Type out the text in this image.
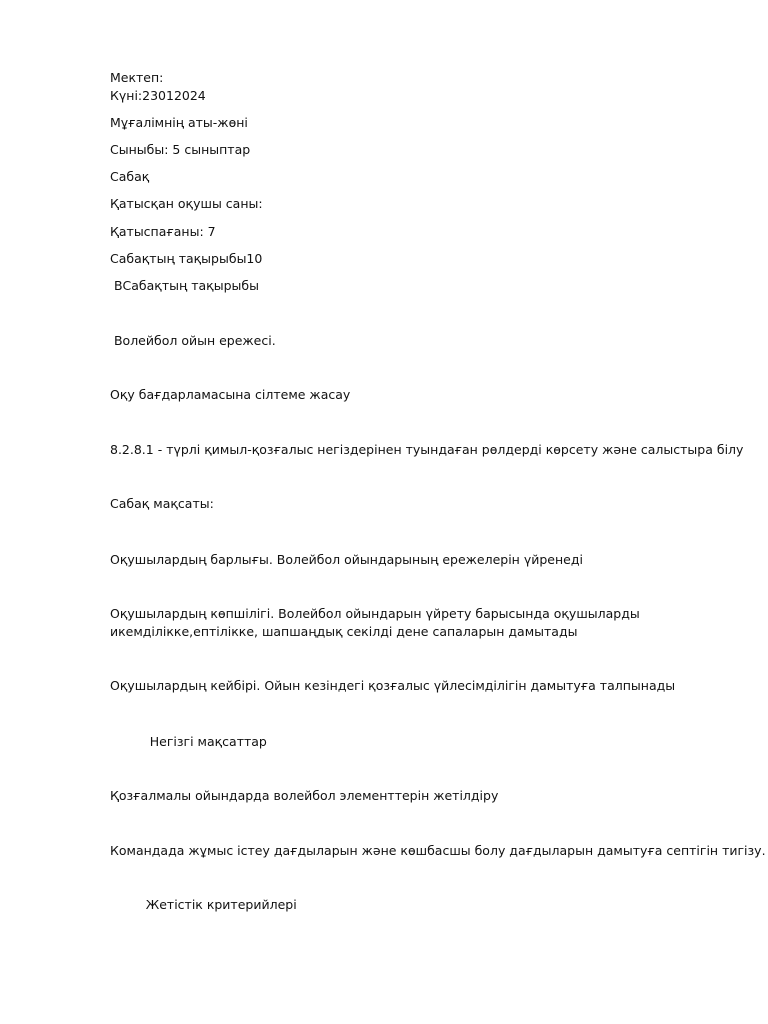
Мектеп:
Күні:23012024
Мұғалімнің аты-жөні
Сыныбы: 5 сыныптар
Сабақ
Қатысқан оқушы саны:
Қатыспағаны: 7
Сабақтың тақырыбы10
ВСабақтың тақырыбы
Волейбол ойын ережесі.
Оқу бағдарламасына сілтеме жасау
8.2.8.1 - түрлі қимыл-қозғалыс негіздерінен туындаған рөлдерді көрсету және салыстыра білу
Сабақ мақсаты:
Оқушылардың барлығы. Волейбол ойындарының ережелерін үйренеді
Оқушылардың көпшілігі. Волейбол ойындарын үйрету барысында оқушыларды
икемділікке,ептілікке, шапшаңдық секілді дене сапаларын дамытады
Оқушылардың кейбірі. Ойын кезіндегі қозғалыс үйлесімділігін дамытуға талпынады
Негізгі мақсаттар
Қозғалмалы ойындарда волейбол элементтерін жетілдіру
Командада жұмыс істеу дағдыларын және көшбасшы болу дағдыларын дамытуға септігін тигізу.
Жетістік критерийлері
